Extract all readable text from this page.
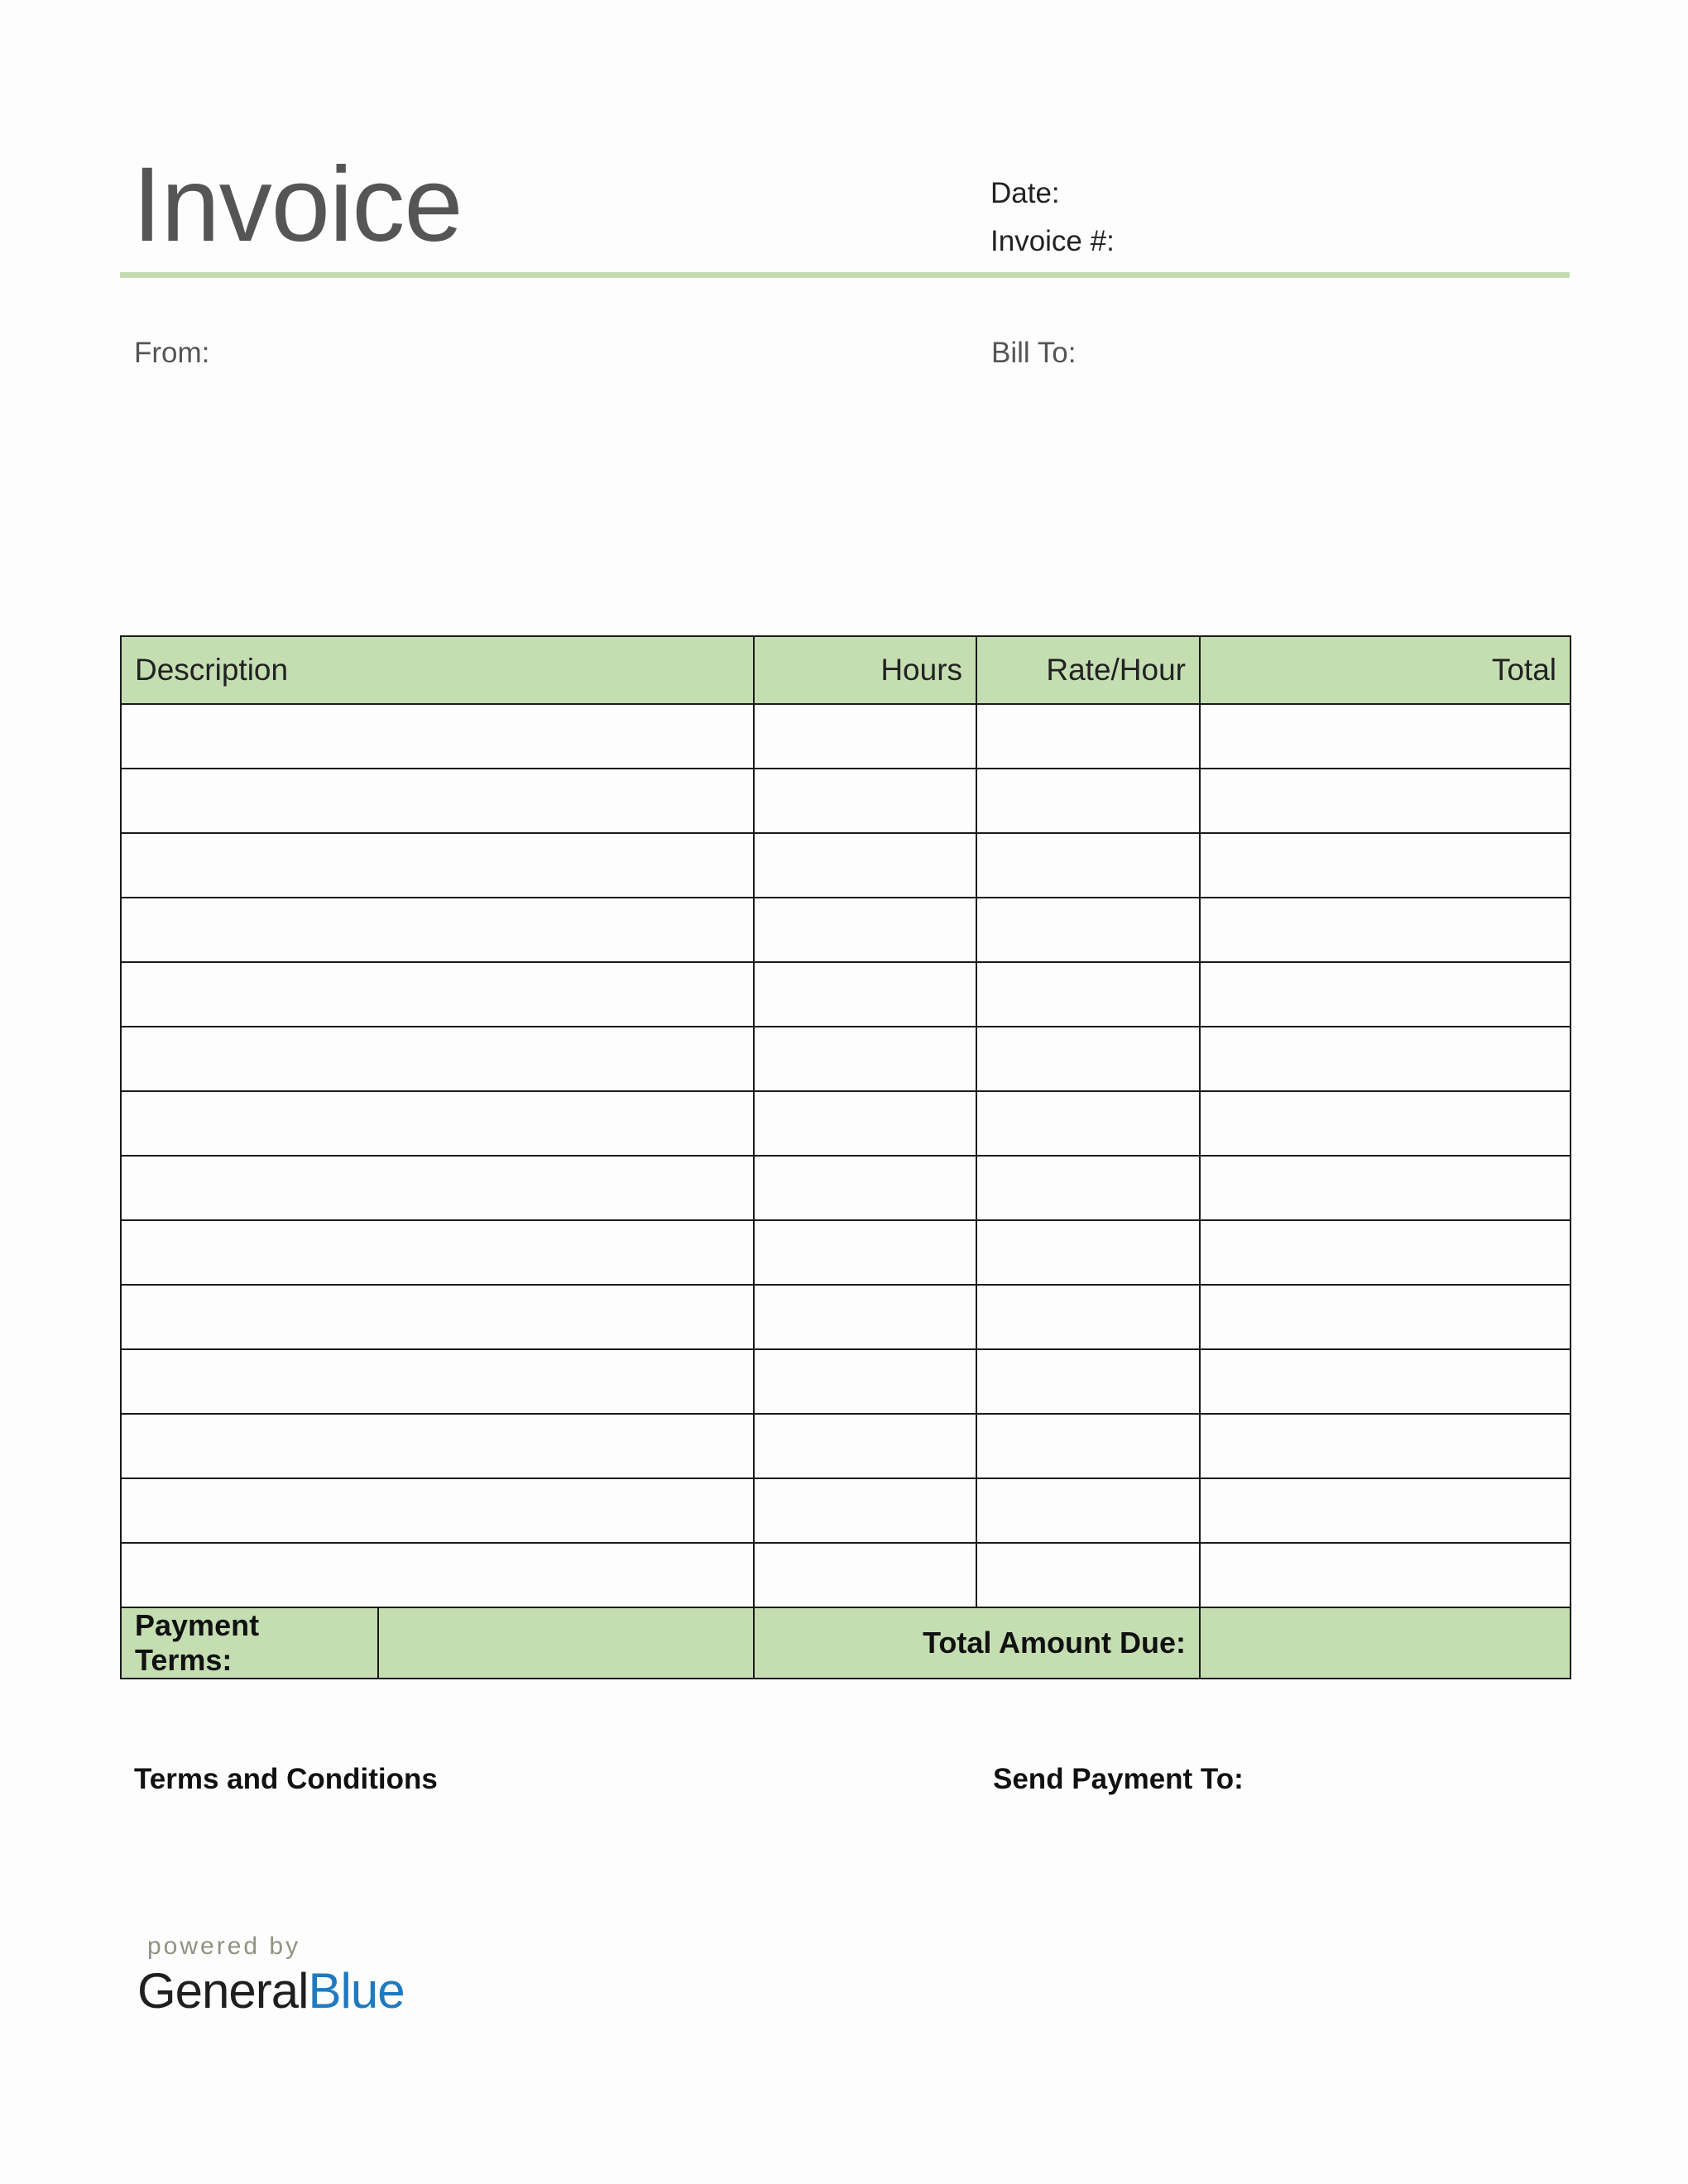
Invoice	Date:
Invoice #:
From:	Bill To:
Description		Hours	Rate/Hour	Total

Payment Terms:		Total Amount Due:		
Terms and Conditions	Send Payment To:
powered by
GeneralBlue
